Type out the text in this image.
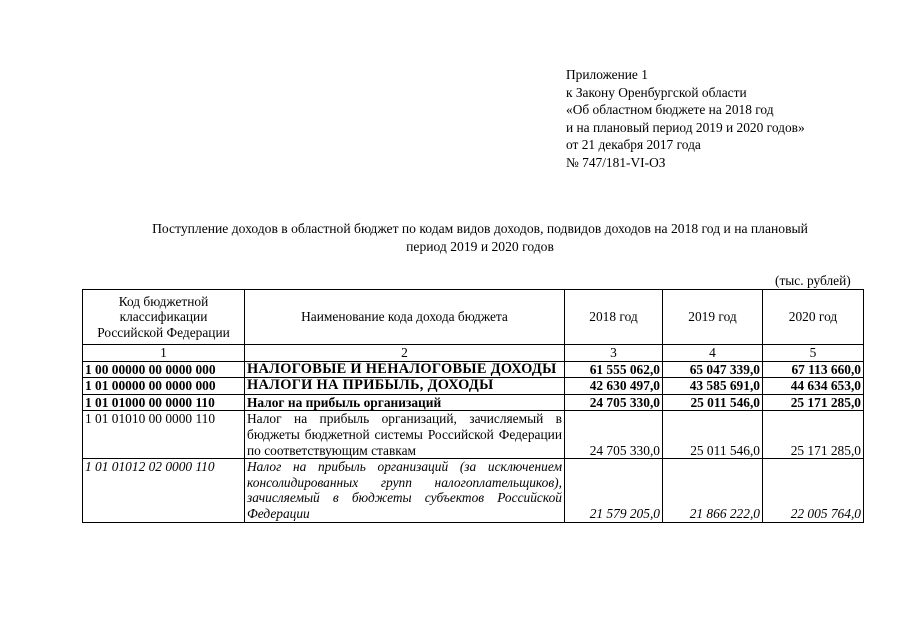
Приложение 1
к Закону Оренбургской области
«Об областном бюджете на 2018 год
и на плановый период 2019 и 2020 годов»
от 21 декабря 2017 года
№ 747/181-VI-ОЗ
Поступление доходов в областной бюджет по кодам видов доходов, подвидов доходов на 2018 год и на плановый
период 2019 и 2020 годов
(тыс. рублей)
Код бюджетной
классификации
Российской Федерации	Наименование кода дохода бюджета	2018 год	2019 год	2020 год
1	2	3	4	5
1 00 00000 00 0000 000	НАЛОГОВЫЕ И НЕНАЛОГОВЫЕ ДОХОДЫ	61 555 062,0	65 047 339,0	67 113 660,0
1 01 00000 00 0000 000	НАЛОГИ НА ПРИБЫЛЬ, ДОХОДЫ	42 630 497,0	43 585 691,0	44 634 653,0
1 01 01000 00 0000 110	Налог на прибыль организаций	24 705 330,0	25 011 546,0	25 171 285,0
1 01 01010 00 0000 110	Налог на прибыль организаций, зачисляемый в бюджеты бюджетной системы Российской Федерации по соответствующим ставкам	24 705 330,0	25 011 546,0	25 171 285,0
1 01 01012 02 0000 110	Налог на прибыль организаций (за исключением консолидированных групп налогоплательщиков), зачисляемый в бюджеты субъектов Российской Федерации	21 579 205,0	21 866 222,0	22 005 764,0
